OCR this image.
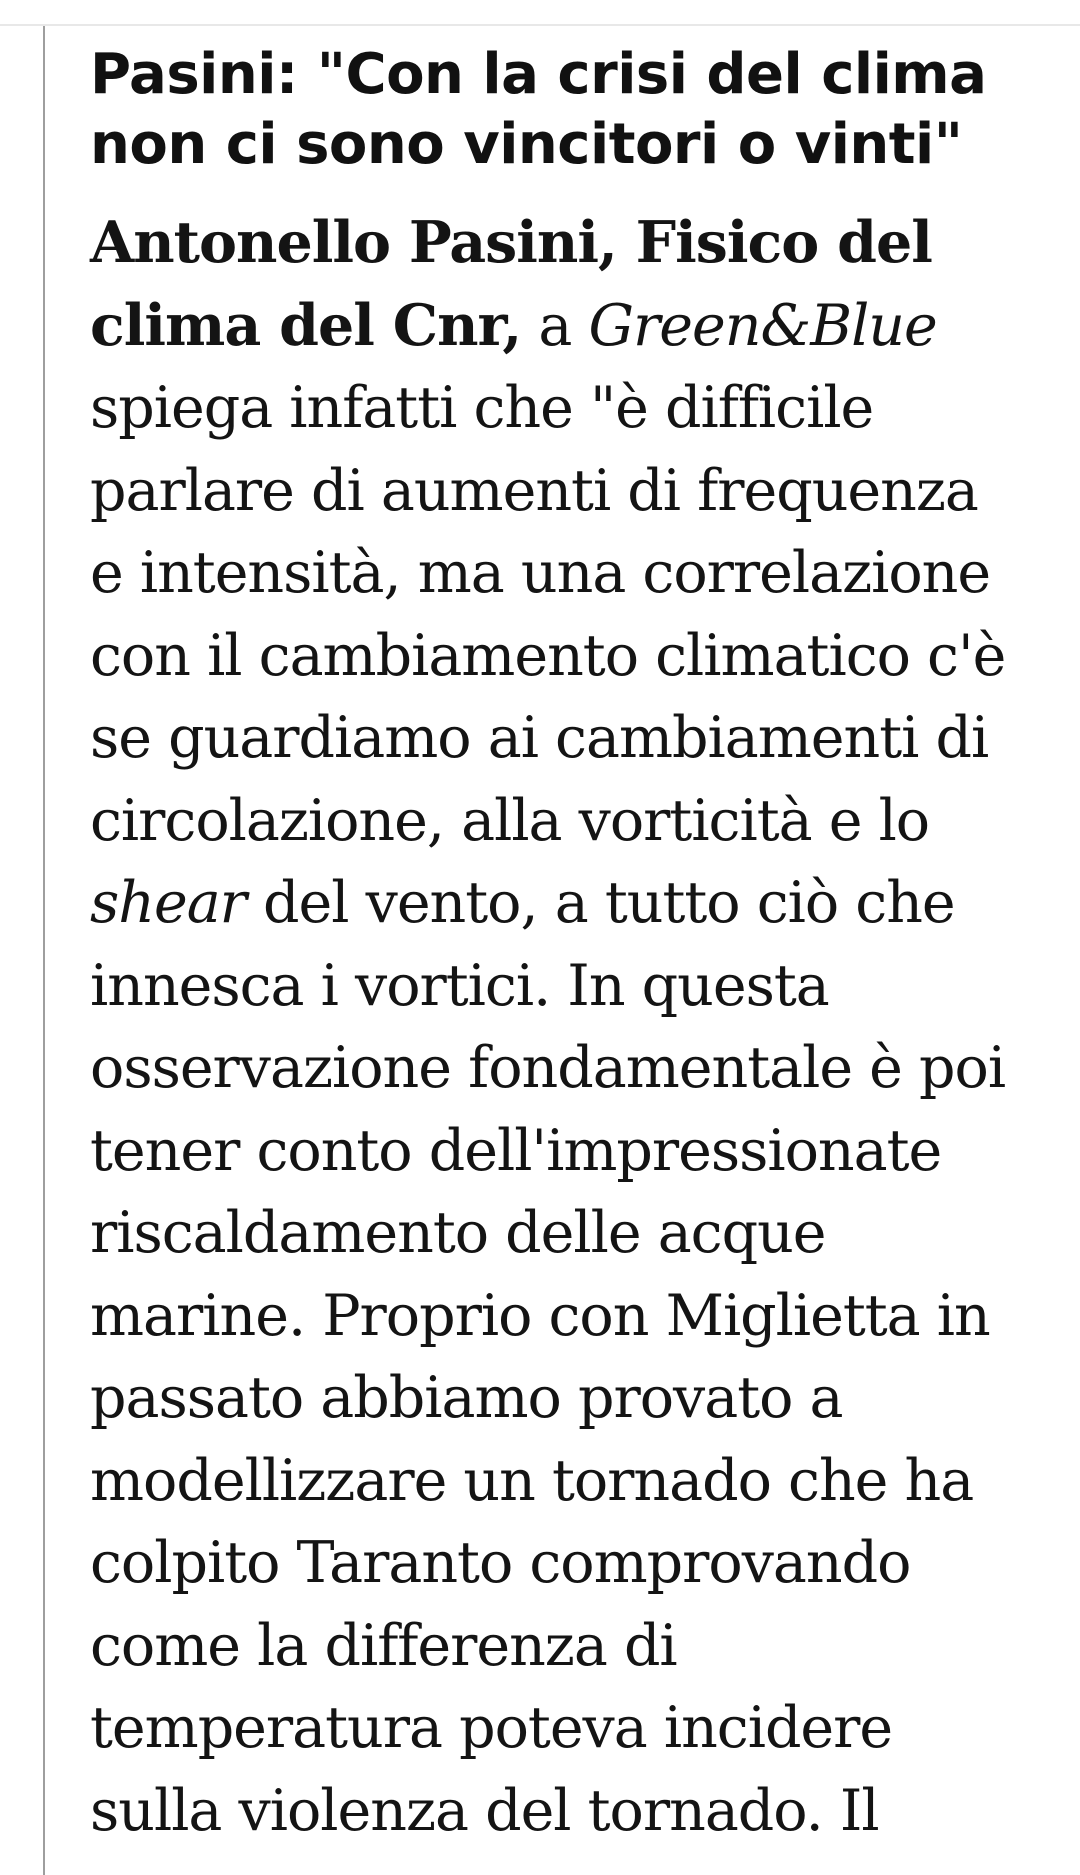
Pasini: "Con la crisi del clima
non ci sono vincitori o vinti"
Antonello Pasini, Fisico del
clima del Cnr, a Green&Blue
spiega infatti che "è difficile
parlare di aumenti di frequenza
e intensità, ma una correlazione
con il cambiamento climatico c'è
se guardiamo ai cambiamenti di
circolazione, alla vorticità e lo
shear del vento, a tutto ciò che
innesca i vortici. In questa
osservazione fondamentale è poi
tener conto dell'impressionate
riscaldamento delle acque
marine. Proprio con Miglietta in
passato abbiamo provato a
modellizzare un tornado che ha
colpito Taranto comprovando
come la differenza di
temperatura poteva incidere
sulla violenza del tornado. Il
